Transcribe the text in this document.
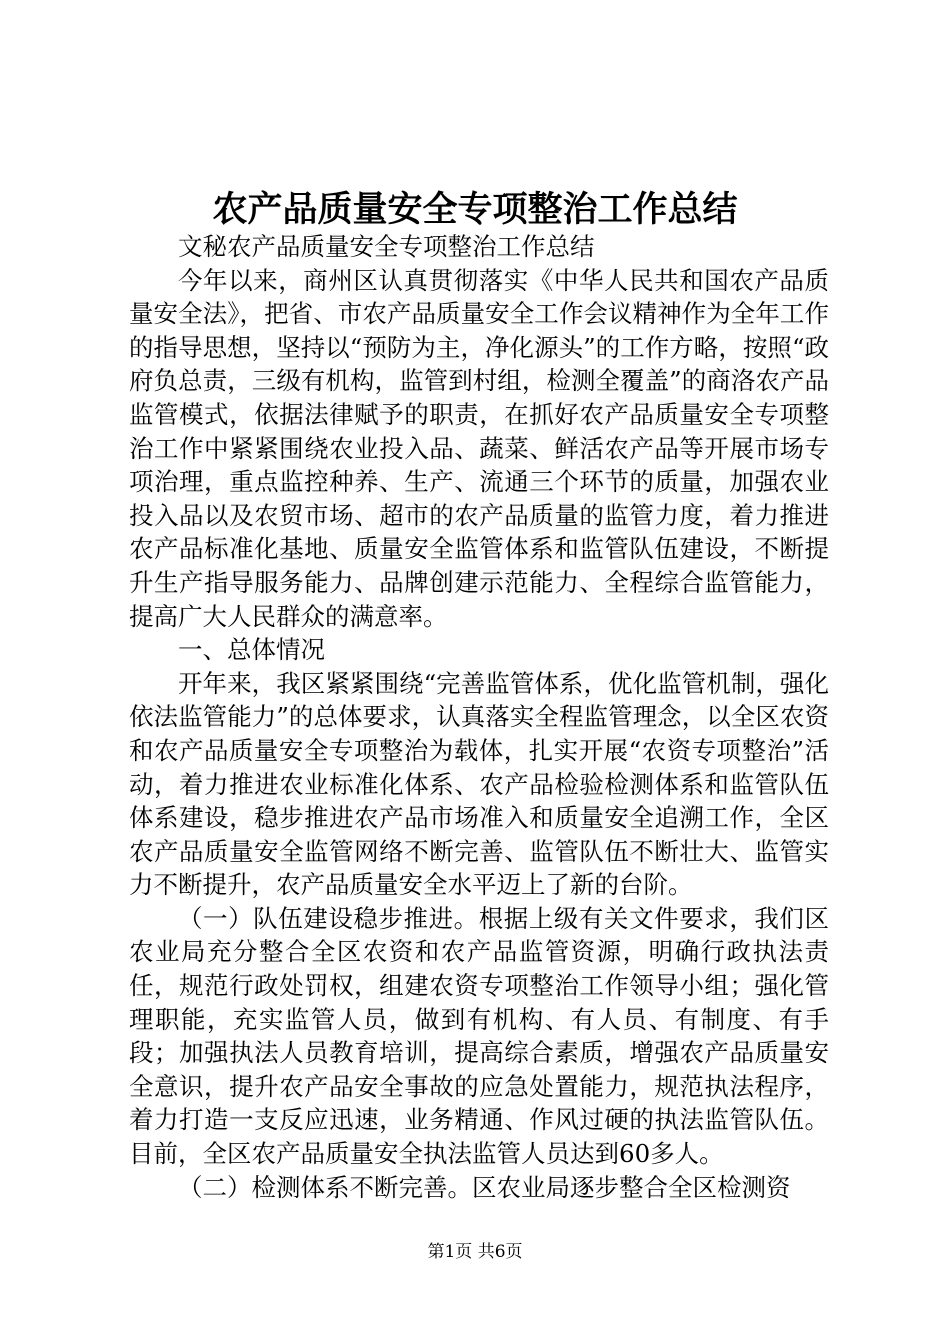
农产品质量安全专项整治工作总结

文秘农产品质量安全专项整治工作总结

今年以来，商州区认真贯彻落实《中华人民共和国农产品质量安全法》，把省、市农产品质量安全工作会议精神作为全年工作的指导思想，坚持以“预防为主，净化源头”的工作方略，按照“政府负总责，三级有机构，监管到村组，检测全覆盖”的商洛农产品监管模式，依据法律赋予的职责，在抓好农产品质量安全专项整治工作中紧紧围绕农业投入品、蔬菜、鲜活农产品等开展市场专项治理，重点监控种养、生产、流通三个环节的质量，加强农业投入品以及农贸市场、超市的农产品质量的监管力度，着力推进农产品标准化基地、质量安全监管体系和监管队伍建设，不断提升生产指导服务能力、品牌创建示范能力、全程综合监管能力，提高广大人民群众的满意率。

一、总体情况

开年来，我区紧紧围绕“完善监管体系，优化监管机制，强化依法监管能力”的总体要求，认真落实全程监管理念，以全区农资和农产品质量安全专项整治为载体，扎实开展“农资专项整治”活动，着力推进农业标准化体系、农产品检验检测体系和监管队伍体系建设，稳步推进农产品市场准入和质量安全追溯工作，全区农产品质量安全监管网络不断完善、监管队伍不断壮大、监管实力不断提升，农产品质量安全水平迈上了新的台阶。

（一）队伍建设稳步推进。根据上级有关文件要求，我们区农业局充分整合全区农资和农产品监管资源，明确行政执法责任，规范行政处罚权，组建农资专项整治工作领导小组；强化管理职能，充实监管人员，做到有机构、有人员、有制度、有手段；加强执法人员教育培训，提高综合素质，增强农产品质量安全意识，提升农产品安全事故的应急处置能力，规范执法程序，着力打造一支反应迅速，业务精通、作风过硬的执法监管队伍。目前，全区农产品质量安全执法监管人员达到60多人。

（二）检测体系不断完善。区农业局逐步整合全区检测资

第1页 共6页
